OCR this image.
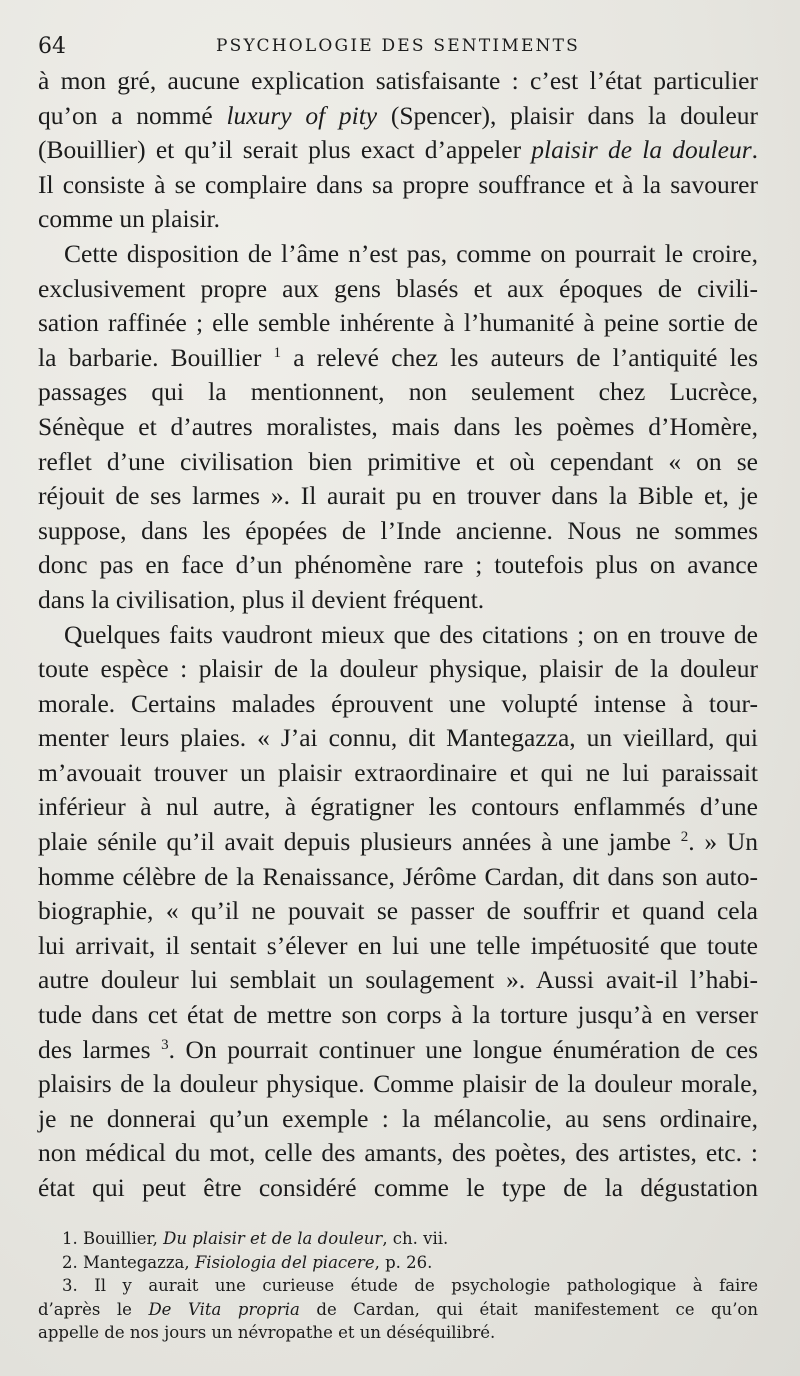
64	PSYCHOLOGIE DES SENTIMENTS

à mon gré, aucune explication satisfaisante : c’est l’état particulier
qu’on a nommé luxury of pity (Spencer), plaisir dans la douleur
(Bouillier) et qu’il serait plus exact d’appeler plaisir de la douleur.
Il consiste à se complaire dans sa propre souffrance et à la savourer
comme un plaisir.

Cette disposition de l’âme n’est pas, comme on pourrait le croire,
exclusivement propre aux gens blasés et aux époques de civili-
sation raffinée ; elle semble inhérente à l’humanité à peine sortie de
la barbarie. Bouillier $^1$ a relevé chez les auteurs de l’antiquité les
passages qui la mentionnent, non seulement chez Lucrèce,
Sénèque et d’autres moralistes, mais dans les poèmes d’Homère,
reflet d’une civilisation bien primitive et où cependant « on se
réjouit de ses larmes ». Il aurait pu en trouver dans la Bible et, je
suppose, dans les épopées de l’Inde ancienne. Nous ne sommes
donc pas en face d’un phénomène rare ; toutefois plus on avance
dans la civilisation, plus il devient fréquent.

Quelques faits vaudront mieux que des citations ; on en trouve de
toute espèce : plaisir de la douleur physique, plaisir de la douleur
morale. Certains malades éprouvent une volupté intense à tour-
menter leurs plaies. « J’ai connu, dit Mantegazza, un vieillard, qui
m’avouait trouver un plaisir extraordinaire et qui ne lui paraissait
inférieur à nul autre, à égratigner les contours enflammés d’une
plaie sénile qu’il avait depuis plusieurs années à une jambe $^2$. » Un
homme célèbre de la Renaissance, Jérôme Cardan, dit dans son auto-
biographie, « qu’il ne pouvait se passer de souffrir et quand cela
lui arrivait, il sentait s’élever en lui une telle impétuosité que toute
autre douleur lui semblait un soulagement ». Aussi avait-il l’habi-
tude dans cet état de mettre son corps à la torture jusqu’à en verser
des larmes $^3$. On pourrait continuer une longue énumération de ces
plaisirs de la douleur physique. Comme plaisir de la douleur morale,
je ne donnerai qu’un exemple : la mélancolie, au sens ordinaire,
non médical du mot, celle des amants, des poètes, des artistes, etc. :
état qui peut être considéré comme le type de la dégustation

1. Bouillier, Du plaisir et de la douleur, ch. vii.
2. Mantegazza, Fisiologia del piacere, p. 26.
3. Il y aurait une curieuse étude de psychologie pathologique à faire
d’après le De Vita propria de Cardan, qui était manifestement ce qu’on
appelle de nos jours un névropathe et un déséquilibré.
